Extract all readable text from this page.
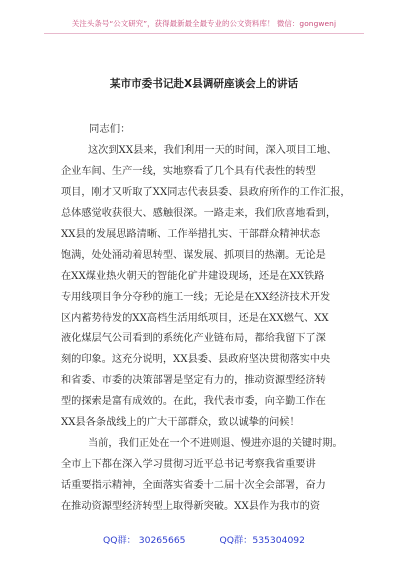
关注头条号“公文研究”，获得最新最全最专业的公文资料库！ 微信：gongwenj
某市市委书记赴X县调研座谈会上的讲话
同志们：
这次到XX县来，我们利用一天的时间，深入项目工地、
企业车间、生产一线，实地察看了几个具有代表性的转型
项目，刚才又听取了XX同志代表县委、县政府所作的工作汇报，
总体感觉收获很大、感触很深。一路走来，我们欣喜地看到，
XX县的发展思路清晰、工作举措扎实、干部群众精神状态
饱满，处处涌动着思转型、谋发展、抓项目的热潮。无论是
在XX煤业热火朝天的智能化矿井建设现场，还是在XX铁路
专用线项目争分夺秒的施工一线；无论是在XX经济技术开发
区内蓄势待发的XX高档生活用纸项目，还是在XX燃气、XX
液化煤层气公司看到的系统化产业链布局，都给我留下了深
刻的印象。这充分说明，XX县委、县政府坚决贯彻落实中央
和省委、市委的决策部署是坚定有力的，推动资源型经济转
型的探索是富有成效的。在此，我代表市委，向辛勤工作在
XX县各条战线上的广大干部群众，致以诚挚的问候！
当前，我们正处在一个不进则退、慢进亦退的关键时期。
全市上下都在深入学习贯彻习近平总书记考察我省重要讲
话重要指示精神，全面落实省委十二届十次全会部署，奋力
在推动资源型经济转型上取得新突破。XX县作为我市的资
QQ群： 30265665	QQ群：535304092
